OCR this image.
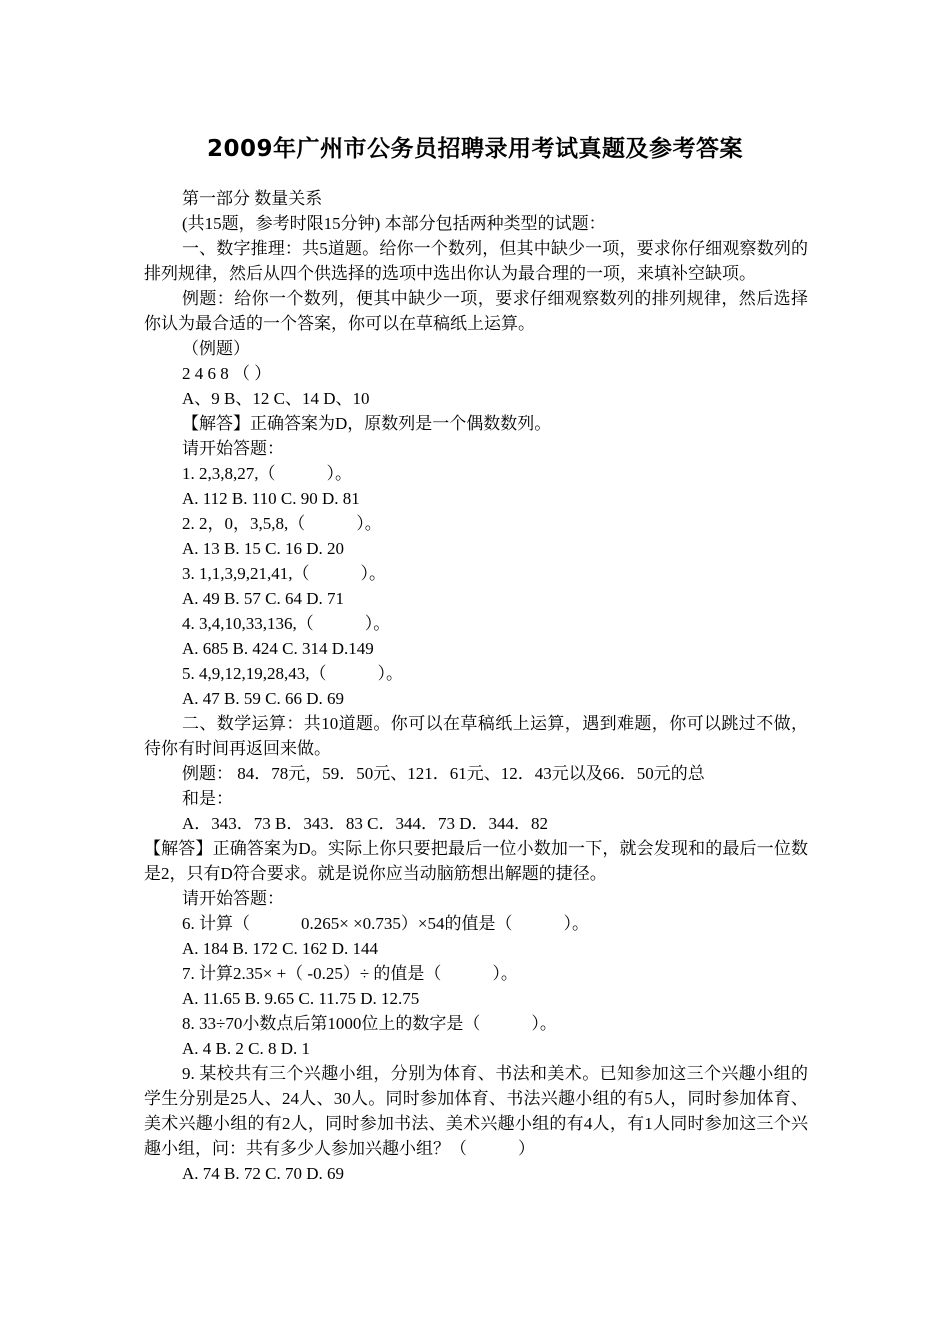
2009年广州市公务员招聘录用考试真题及参考答案

第一部分 数量关系

(共15题，参考时限15分钟) 本部分包括两种类型的试题：

一、数字推理：共5道题。给你一个数列，但其中缺少一项，要求你仔细观察数列的排列规律，然后从四个供选择的选项中选出你认为最合理的一项，来填补空缺项。

例题：给你一个数列，便其中缺少一项，要求仔细观察数列的排列规律，然后选择你认为最合适的一个答案，你可以在草稿纸上运算。

（例题）

2 4 6 8 （ ）

A、9 B、12 C、14 D、10

【解答】正确答案为D，原数列是一个偶数数列。

请开始答题：

1. 2,3,8,27,（　　　）。

A. 112 B. 110 C. 90 D. 81

2. 2，0，3,5,8,（　　　）。

A. 13 B. 15 C. 16 D. 20

3. 1,1,3,9,21,41,（　　　）。

A. 49 B. 57 C. 64 D. 71

4. 3,4,10,33,136,（　　　）。

A. 685 B. 424 C. 314 D.149

5. 4,9,12,19,28,43,（　　　）。

A. 47 B. 59 C. 66 D. 69

二、数学运算：共10道题。你可以在草稿纸上运算，遇到难题，你可以跳过不做，待你有时间再返回来做。

例题： 84．78元，59．50元、121．61元、12．43元以及66．50元的总

和是：

A．343．73 B．343．83 C．344．73 D．344．82

【解答】正确答案为D。实际上你只要把最后一位小数加一下，就会发现和的最后一位数是2，只有D符合要求。就是说你应当动脑筋想出解题的捷径。

请开始答题：

6. 计算（　　　0.265× ×0.735）×54的值是（　　　）。

A. 184 B. 172 C. 162 D. 144

7. 计算2.35× +（ -0.25）÷ 的值是（　　　）。

A. 11.65 B. 9.65 C. 11.75 D. 12.75

8. 33÷70小数点后第1000位上的数字是（　　　）。

A. 4 B. 2 C. 8 D. 1

9. 某校共有三个兴趣小组，分别为体育、书法和美术。已知参加这三个兴趣小组的学生分别是25人、24人、30人。同时参加体育、书法兴趣小组的有5人，同时参加体育、美术兴趣小组的有2人，同时参加书法、美术兴趣小组的有4人，有1人同时参加这三个兴趣小组，问：共有多少人参加兴趣小组？（　　　）

A. 74 B. 72 C. 70 D. 69
